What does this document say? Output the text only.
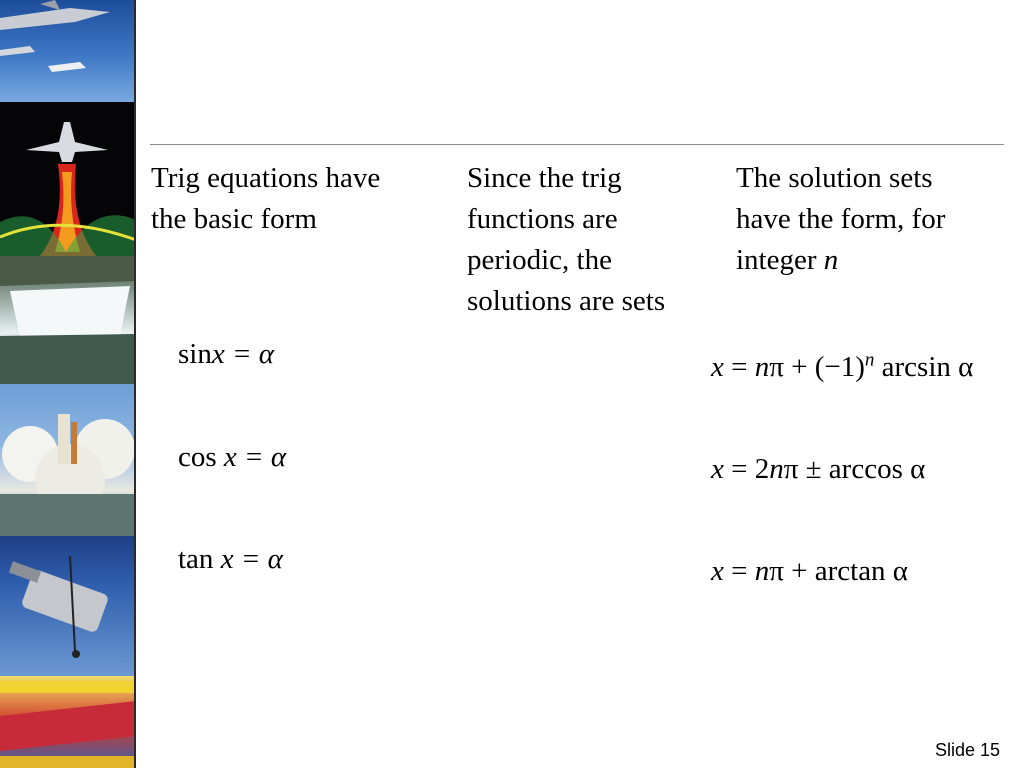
Trig equations have
the basic form
Since the trig
functions are
periodic, the
solutions are sets
The solution sets
have the form, for
integer n
sinx = α
cos x = α
tan x = α
$x = n\pi + (-1)^n$ arcsin α
x = 2nπ ± arccos α
x = nπ + arctan α
Slide 15
